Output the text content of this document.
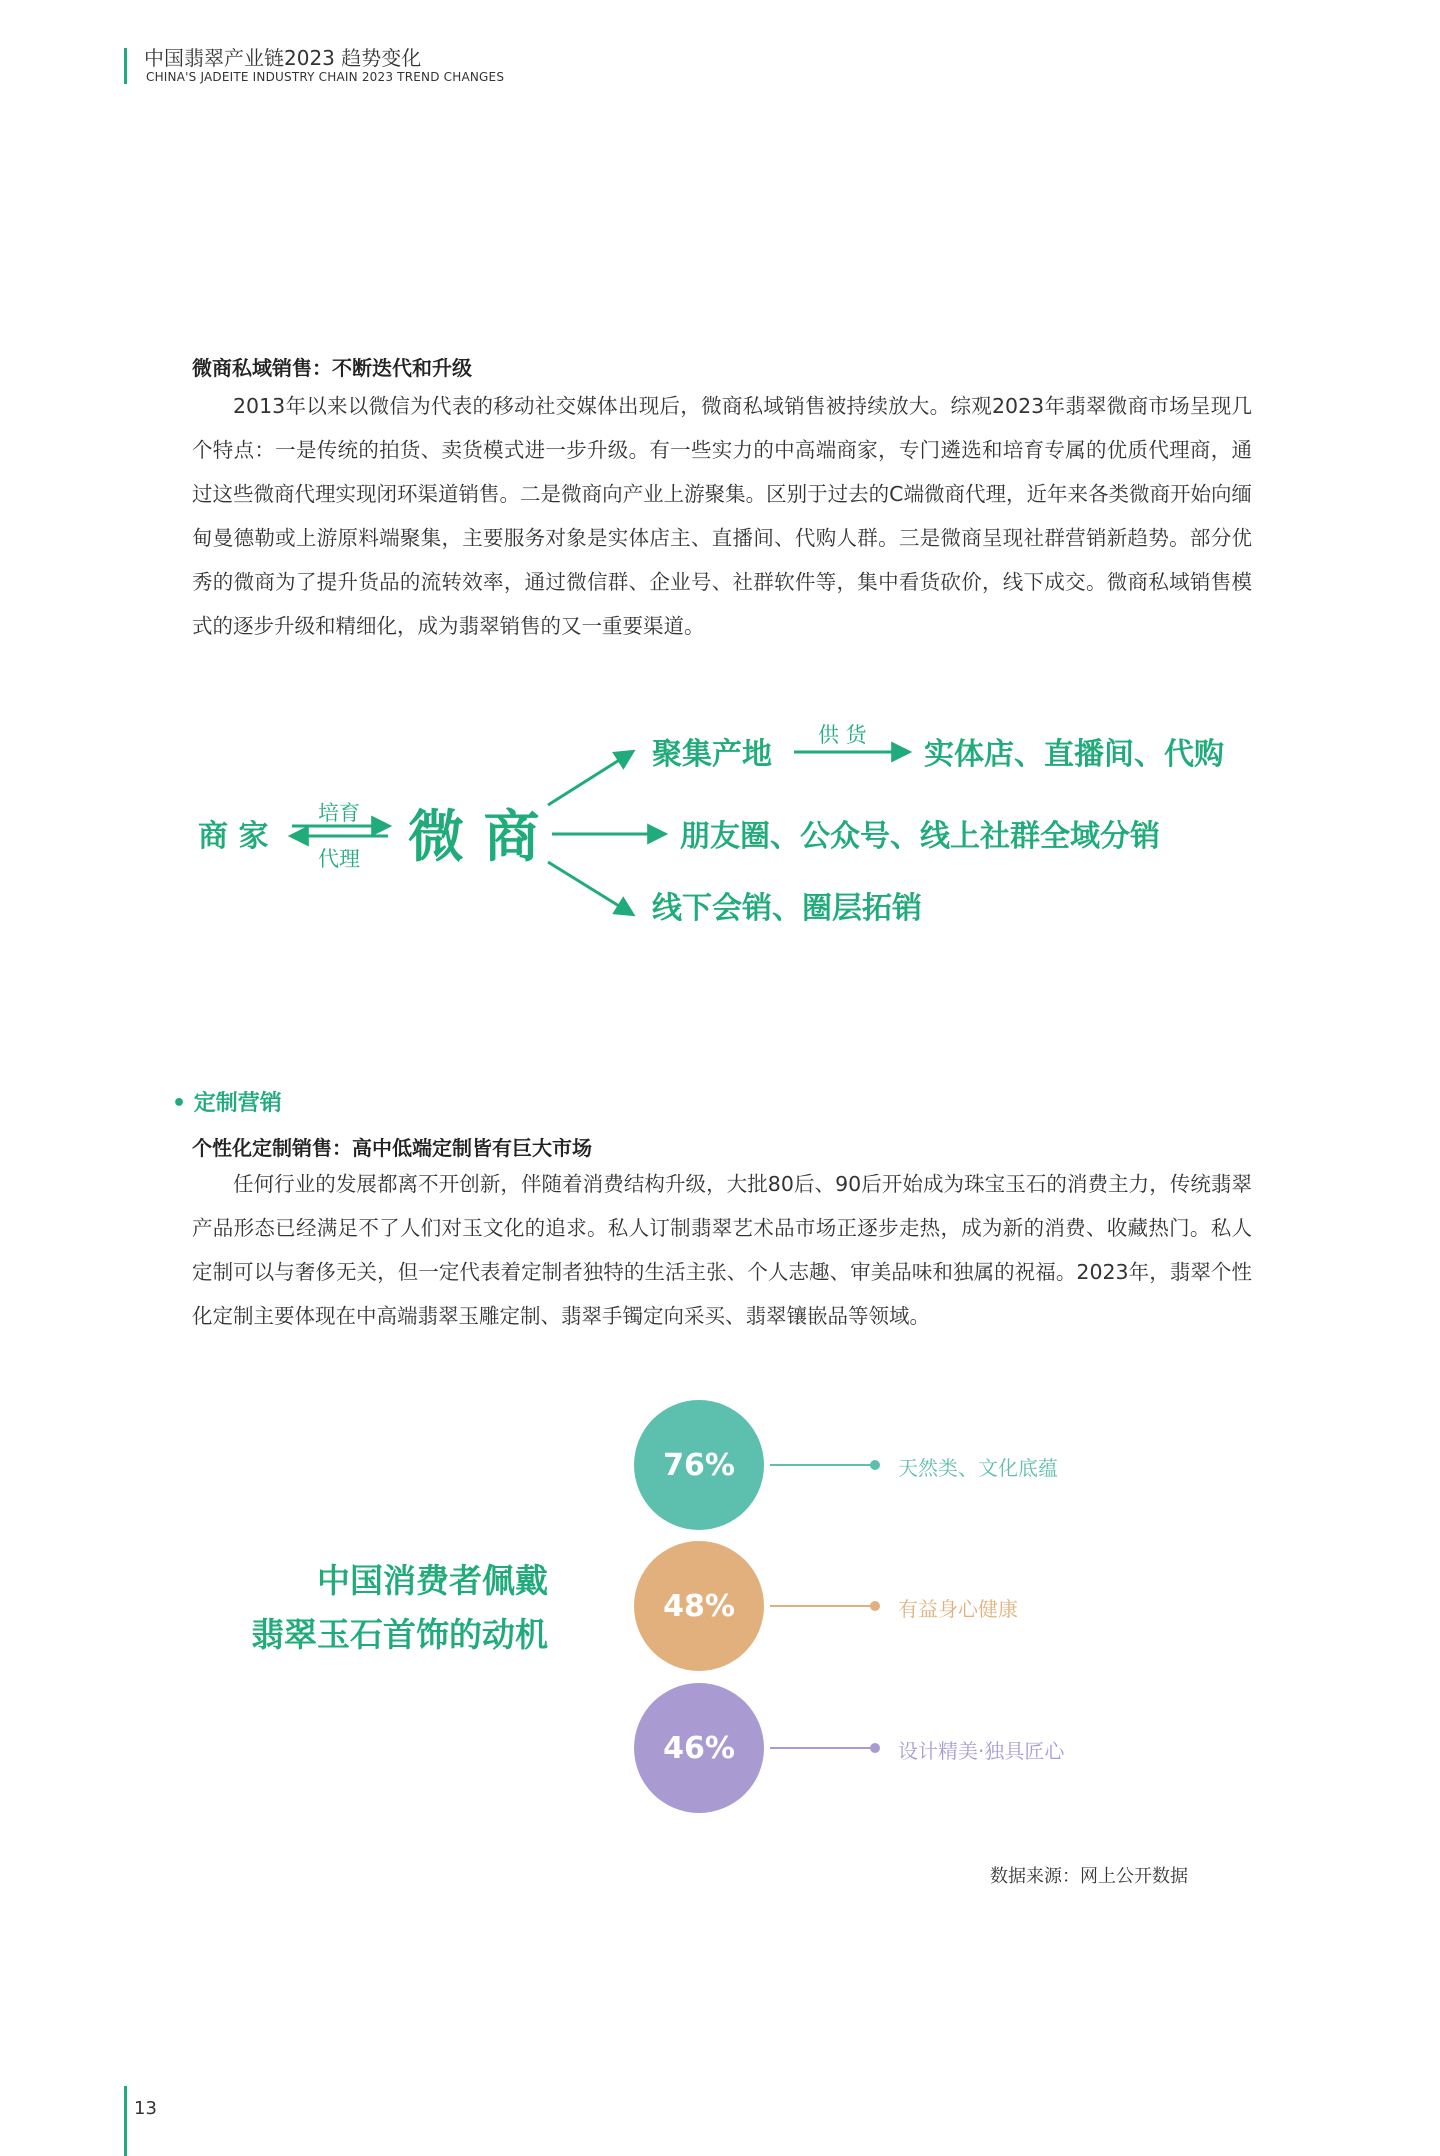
中国翡翠产业链2023 趋势变化
CHINA'S JADEITE INDUSTRY CHAIN 2023 TREND CHANGES
微商私域销售：不断迭代和升级

2013年以来以微信为代表的移动社交媒体出现后，微商私域销售被持续放大。综观2023年翡翠微商市场呈现几个特点：一是传统的拍货、卖货模式进一步升级。有一些实力的中高端商家，专门遴选和培育专属的优质代理商，通过这些微商代理实现闭环渠道销售。二是微商向产业上游聚集。区别于过去的C端微商代理，近年来各类微商开始向缅甸曼德勒或上游原料端聚集，主要服务对象是实体店主、直播间、代购人群。三是微商呈现社群营销新趋势。部分优秀的微商为了提升货品的流转效率，通过微信群、企业号、社群软件等，集中看货砍价，线下成交。微商私域销售模式的逐步升级和精细化，成为翡翠销售的又一重要渠道。

商 家
培育
代理 微 商
聚集产地
供 货
实体店、直播间、代购
朋友圈、公众号、线上社群全域分销
线下会销、圈层拓销
• 定制营销
个性化定制销售：高中低端定制皆有巨大市场

任何行业的发展都离不开创新，伴随着消费结构升级，大批80后、90后开始成为珠宝玉石的消费主力，传统翡翠产品形态已经满足不了人们对玉文化的追求。私人订制翡翠艺术品市场正逐步走热，成为新的消费、收藏热门。私人定制可以与奢侈无关，但一定代表着定制者独特的生活主张、个人志趣、审美品味和独属的祝福。2023年，翡翠个性化定制主要体现在中高端翡翠玉雕定制、翡翠手镯定向采买、翡翠镶嵌品等领域。

中国消费者佩戴
翡翠玉石首饰的动机
76%	天然类、文化底蕴
48%	有益身心健康
46%	设计精美·独具匠心
数据来源：网上公开数据
13
